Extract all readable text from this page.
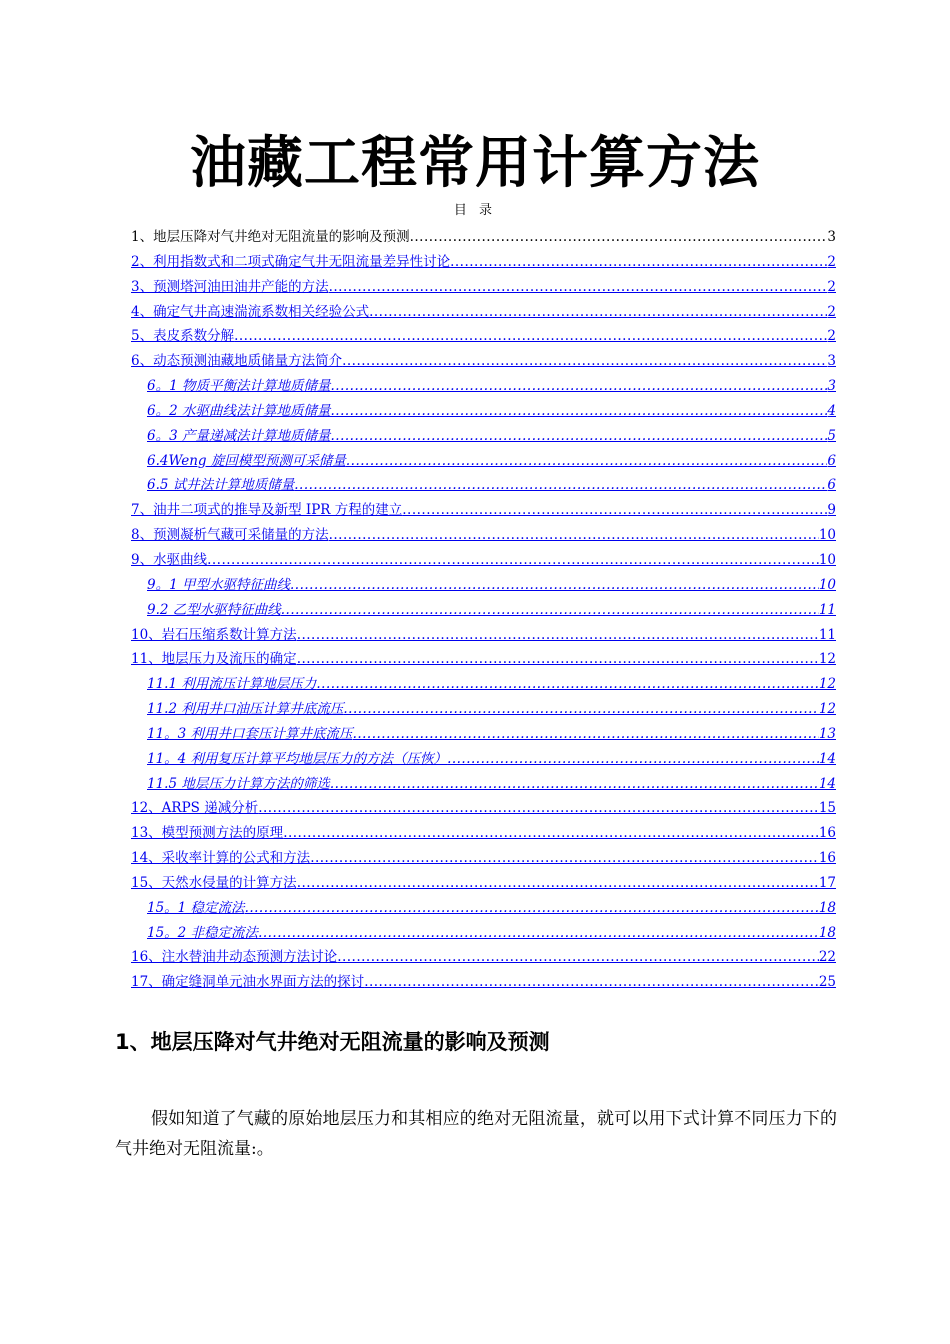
油藏工程常用计算方法
目 录
1、地层压降对气井绝对无阻流量的影响及预测 .....	3
2、利用指数式和二项式确定气井无阻流量差异性讨论 .....	2
3、预测塔河油田油井产能的方法 .....	2
4、确定气井高速湍流系数相关经验公式 .....	2
5、表皮系数分解 .....	2
6、动态预测油藏地质储量方法简介 .....	3
6。1 物质平衡法计算地质储量 .....	3
6。2 水驱曲线法计算地质储量 .....	4
6。3 产量递减法计算地质储量 .....	5
6.4Weng 旋回模型预测可采储量 .....	6
6.5 试井法计算地质储量 .....	6
7、油井二项式的推导及新型 IPR 方程的建立 .....	9
8、预测凝析气藏可采储量的方法 .....	10
9、水驱曲线 .....	10
9。1 甲型水驱特征曲线 .....	10
9.2 乙型水驱特征曲线 .....	11
10、岩石压缩系数计算方法 .....	11
11、地层压力及流压的确定 .....	12
11.1 利用流压计算地层压力 .....	12
11.2 利用井口油压计算井底流压 .....	12
11。3 利用井口套压计算井底流压 .....	13
11。4 利用复压计算平均地层压力的方法（压恢） .....	14
11.5 地层压力计算方法的筛选 .....	14
12、ARPS 递减分析 .....	15
13、模型预测方法的原理 .....	16
14、采收率计算的公式和方法 .....	16
15、天然水侵量的计算方法 .....	17
15。1 稳定流法 .....	18
15。2 非稳定流法 .....	18
16、注水替油井动态预测方法讨论 .....	22
17、确定缝洞单元油水界面方法的探讨 .....	25
1、地层压降对气井绝对无阻流量的影响及预测
假如知道了气藏的原始地层压力和其相应的绝对无阻流量，就可以用下式计算不同压力下的气井绝对无阻流量:。
